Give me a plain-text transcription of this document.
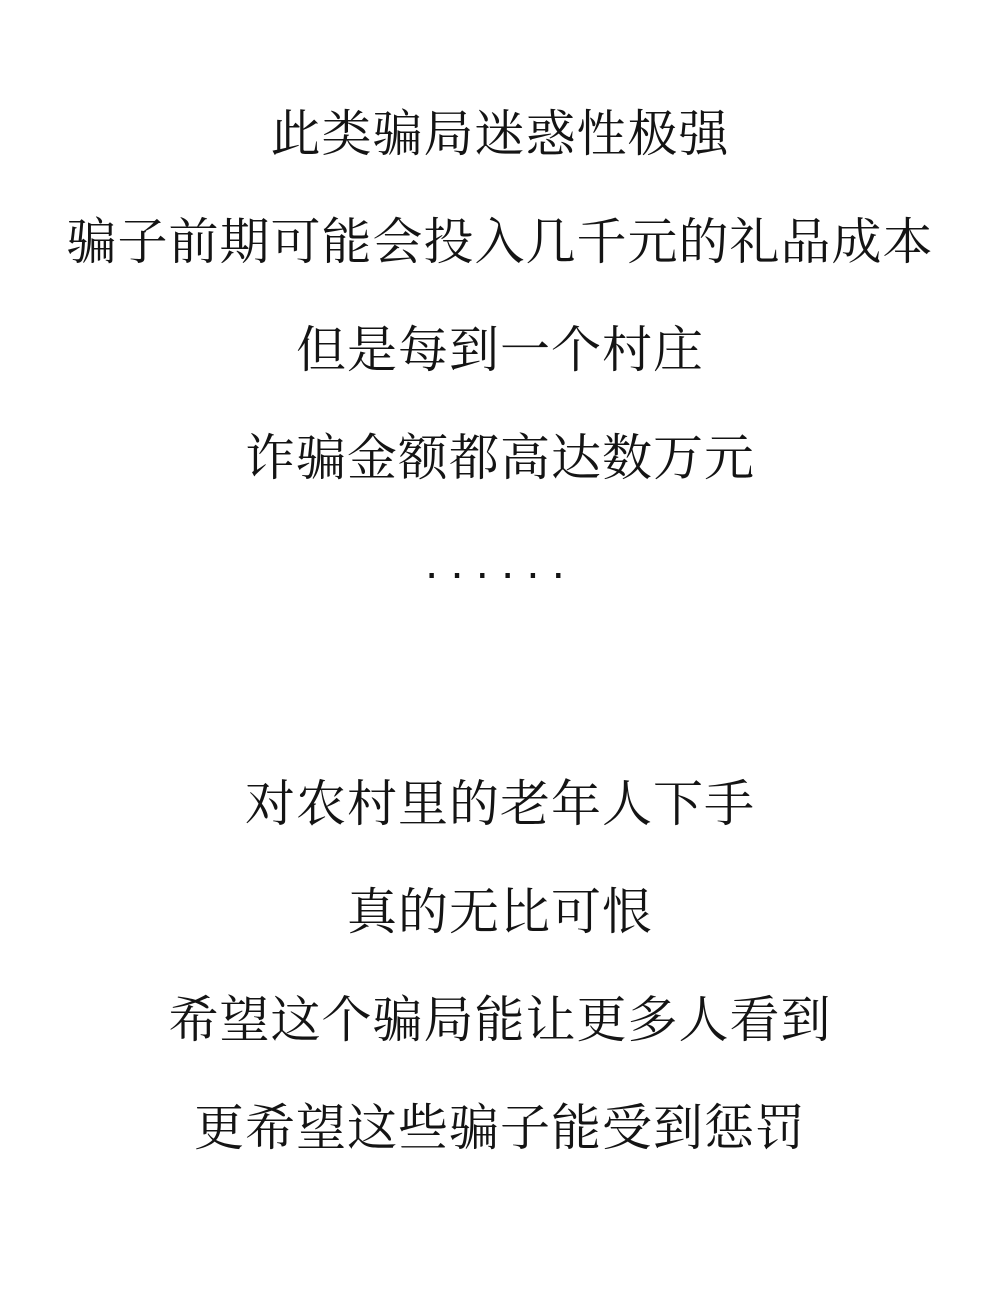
此类骗局迷惑性极强
骗子前期可能会投入几千元的礼品成本
但是每到一个村庄
诈骗金额都高达数万元
······
对农村里的老年人下手
真的无比可恨
希望这个骗局能让更多人看到
更希望这些骗子能受到惩罚
